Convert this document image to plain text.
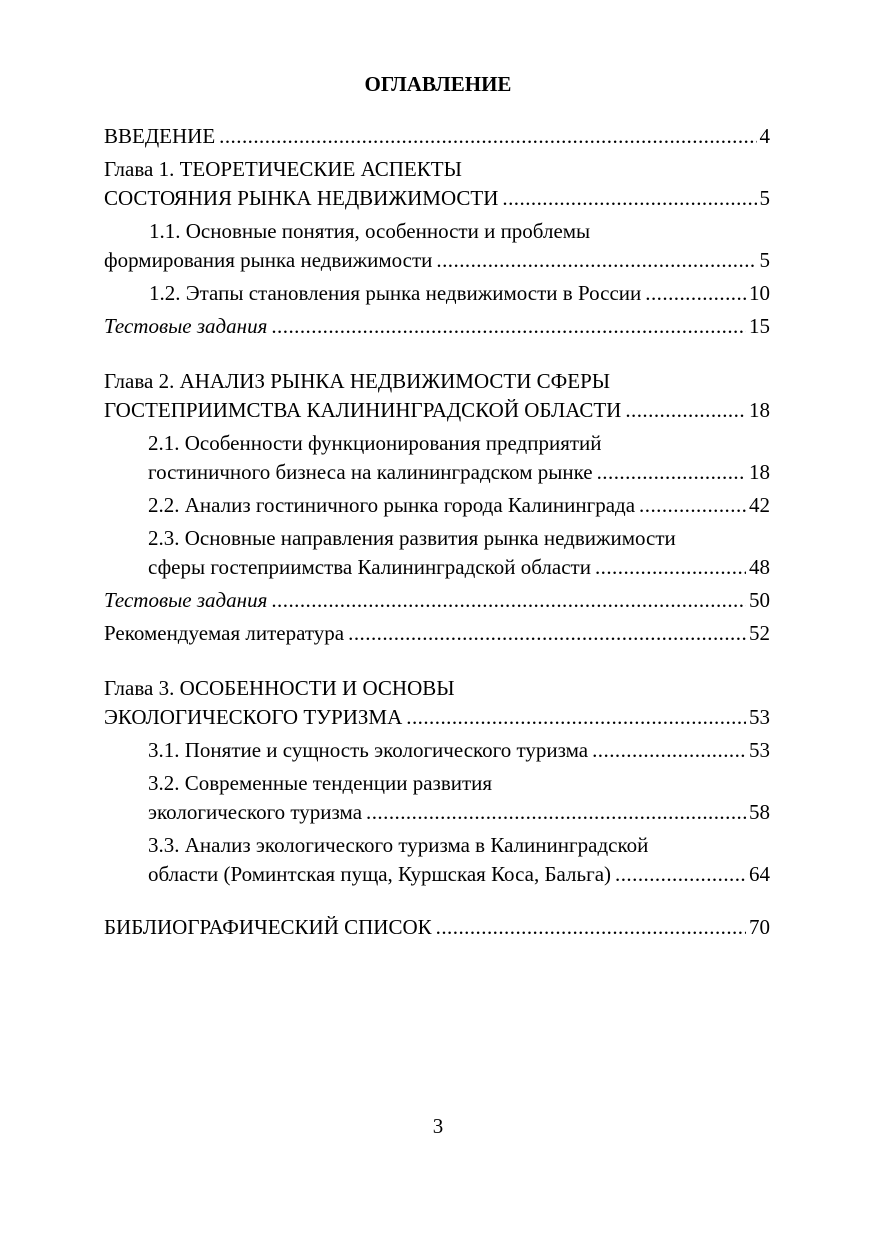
ОГЛАВЛЕНИЕ
ВВЕДЕНИЕ . . .	4
Глава 1. ТЕОРЕТИЧЕСКИЕ АСПЕКТЫ
СОСТОЯНИЯ РЫНКА НЕДВИЖИМОСТИ . . .	5
1.1. Основные понятия, особенности и проблемы
формирования рынка недвижимости . . .	5
1.2. Этапы становления рынка недвижимости в России . . .	10
Тестовые задания . . .	15
Глава 2. АНАЛИЗ РЫНКА НЕДВИЖИМОСТИ СФЕРЫ
ГОСТЕПРИИМСТВА КАЛИНИНГРАДСКОЙ ОБЛАСТИ . . .	18
2.1. Особенности функционирования предприятий
гостиничного бизнеса на калининградском рынке . . .	18
2.2. Анализ гостиничного рынка города Калининграда . . .	42
2.3. Основные направления развития рынка недвижимости
сферы гостеприимства Калининградской области . . .	48
Тестовые задания . . .	50
Рекомендуемая литература . . .	52
Глава 3. ОСОБЕННОСТИ И ОСНОВЫ
ЭКОЛОГИЧЕСКОГО ТУРИЗМА . . .	53
3.1. Понятие и сущность экологического туризма . . .	53
3.2. Современные тенденции развития
экологического туризма . . .	58
3.3. Анализ экологического туризма в Калининградской
области (Роминтская пуща, Куршская Коса, Бальга) . . .	64
БИБЛИОГРАФИЧЕСКИЙ СПИСОК . . .	70
3
